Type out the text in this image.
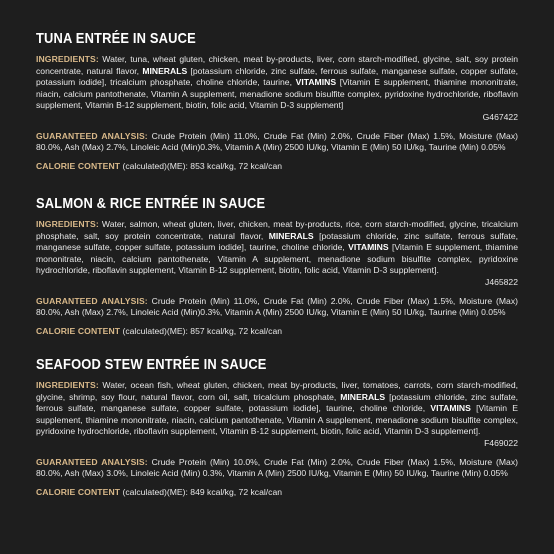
TUNA ENTRÉE IN SAUCE

INGREDIENTS: Water, tuna, wheat gluten, chicken, meat by-products, liver, corn starch-modified, glycine, salt, soy protein concentrate, natural flavor, MINERALS [potassium chloride, zinc sulfate, ferrous sulfate, manganese sulfate, copper sulfate, potassium iodide], tricalcium phosphate, choline chloride, taurine, VITAMINS [Vitamin E supplement, thiamine mononitrate, niacin, calcium pantothenate, Vitamin A supplement, menadione sodium bisulfite complex, pyridoxine hydrochloride, riboflavin supplement, Vitamin B-12 supplement, biotin, folic acid, Vitamin D-3 supplement]
G467422

GUARANTEED ANALYSIS: Crude Protein (Min) 11.0%, Crude Fat (Min) 2.0%, Crude Fiber (Max) 1.5%, Moisture (Max) 80.0%, Ash (Max) 2.7%, Linoleic Acid (Min)0.3%, Vitamin A (Min) 2500 IU/kg, Vitamin E (Min) 50 IU/kg, Taurine (Min) 0.05%

CALORIE CONTENT (calculated)(ME): 853 kcal/kg, 72 kcal/can

SALMON & RICE ENTRÉE IN SAUCE

INGREDIENTS: Water, salmon, wheat gluten, liver, chicken, meat by-products, rice, corn starch-modified, glycine, tricalcium phosphate, salt, soy protein concentrate, natural flavor, MINERALS [potassium chloride, zinc sulfate, ferrous sulfate, manganese sulfate, copper sulfate, potassium iodide], taurine, choline chloride, VITAMINS [Vitamin E supplement, thiamine mononitrate, niacin, calcium pantothenate, Vitamin A supplement, menadione sodium bisulfite complex, pyridoxine hydrochloride, riboflavin supplement, Vitamin B-12 supplement, biotin, folic acid, Vitamin D-3 supplement].
J465822

GUARANTEED ANALYSIS: Crude Protein (Min) 11.0%, Crude Fat (Min) 2.0%, Crude Fiber (Max) 1.5%, Moisture (Max) 80.0%, Ash (Max) 2.7%, Linoleic Acid (Min)0.3%, Vitamin A (Min) 2500 IU/kg, Vitamin E (Min) 50 IU/kg, Taurine (Min) 0.05%

CALORIE CONTENT (calculated)(ME): 857 kcal/kg, 72 kcal/can

SEAFOOD STEW ENTRÉE IN SAUCE

INGREDIENTS: Water, ocean fish, wheat gluten, chicken, meat by-products, liver, tomatoes, carrots, corn starch-modified, glycine, shrimp, soy flour, natural flavor, corn oil, salt, tricalcium phosphate, MINERALS [potassium chloride, zinc sulfate, ferrous sulfate, manganese sulfate, copper sulfate, potassium iodide], taurine, choline chloride, VITAMINS [Vitamin E supplement, thiamine mononitrate, niacin, calcium pantothenate, Vitamin A supplement, menadione sodium bisulfite complex, pyridoxine hydrochloride, riboflavin supplement, Vitamin B-12 supplement, biotin, folic acid, Vitamin D-3 supplement].
F469022

GUARANTEED ANALYSIS: Crude Protein (Min) 10.0%, Crude Fat (Min) 2.0%, Crude Fiber (Max) 1.5%, Moisture (Max) 80.0%, Ash (Max) 3.0%, Linoleic Acid (Min) 0.3%, Vitamin A (Min) 2500 IU/kg, Vitamin E (Min) 50 IU/kg, Taurine (Min) 0.05%

CALORIE CONTENT (calculated)(ME): 849 kcal/kg, 72 kcal/can
